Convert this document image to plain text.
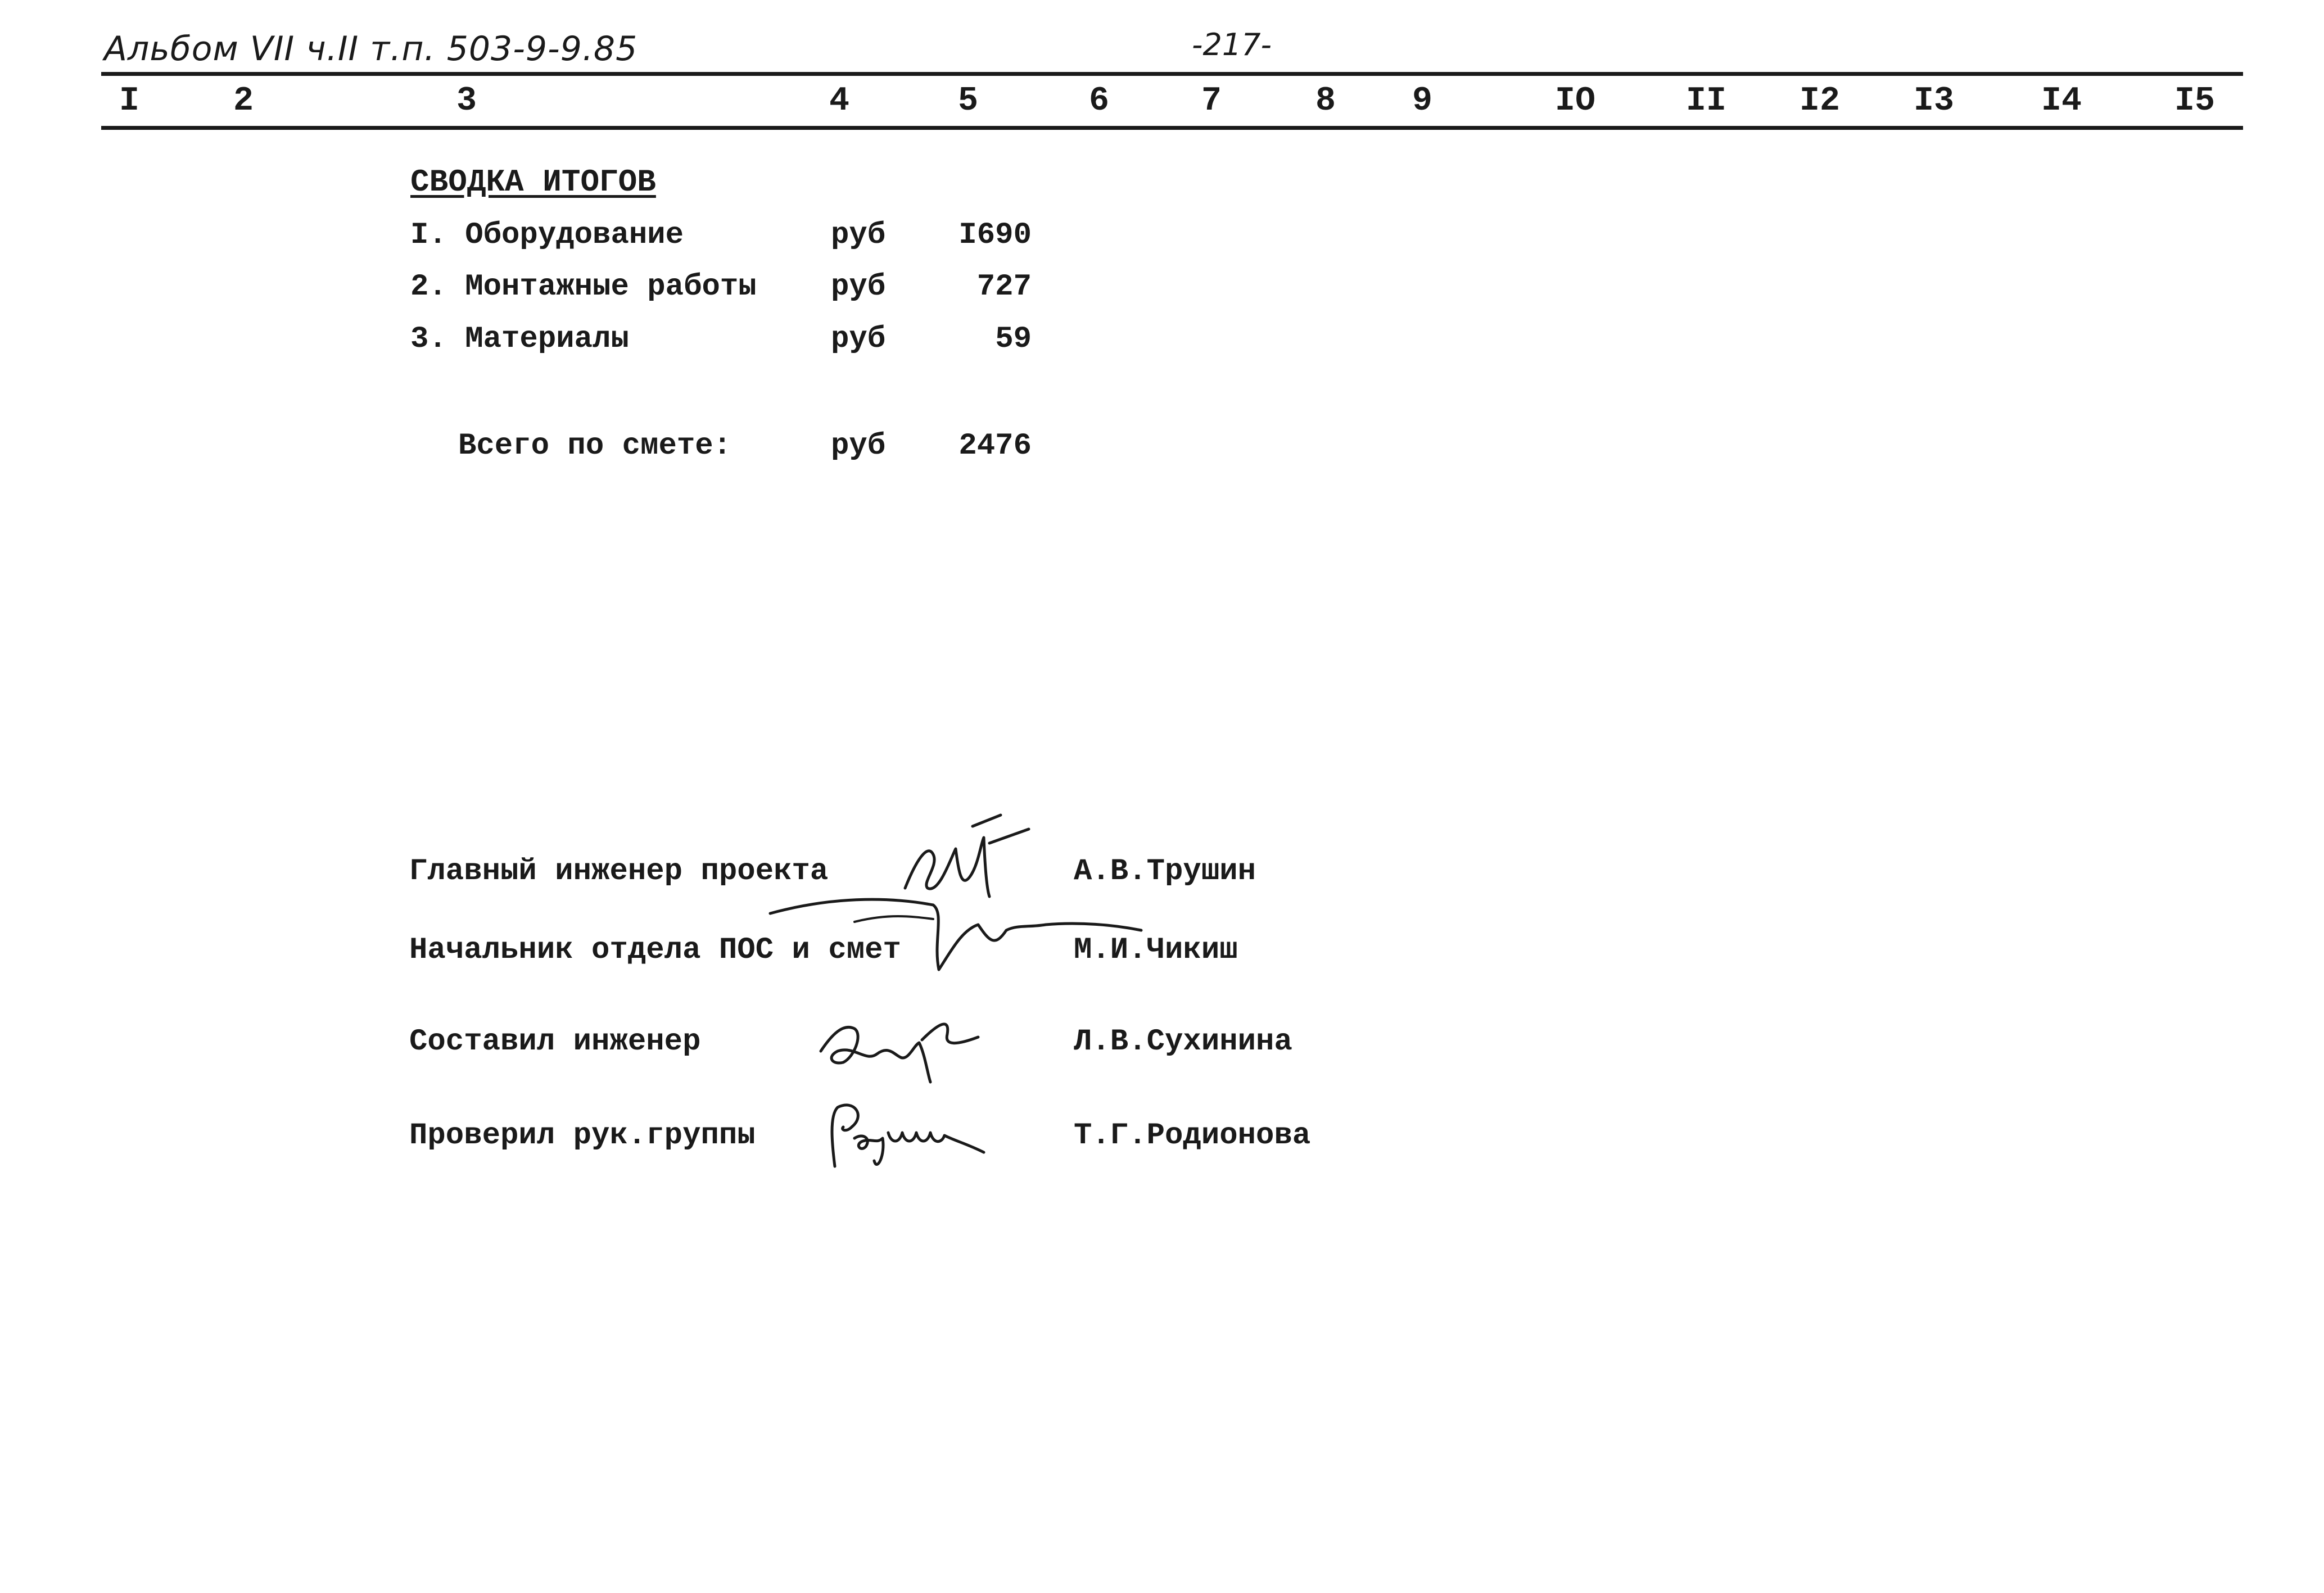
Альбом VII ч.II т.п. 503-9-9.85	-217-
I	2	3	4	5	6	7	8 9	IO	II I2 I3	I4	I5
СВОДКА ИТОГОВ
I. Оборудование	руб I690
2. Монтажные работы руб	727
3. Материалы	руб	59
Всего по смете:	руб 2476
Главный инженер проекта	А.В.Трушин
Начальник отдела ПОС и смет	М.И.Чикиш
Составил инженер	Л.В.Сухинина
Проверил рук.группы	Т.Г.Родионова
